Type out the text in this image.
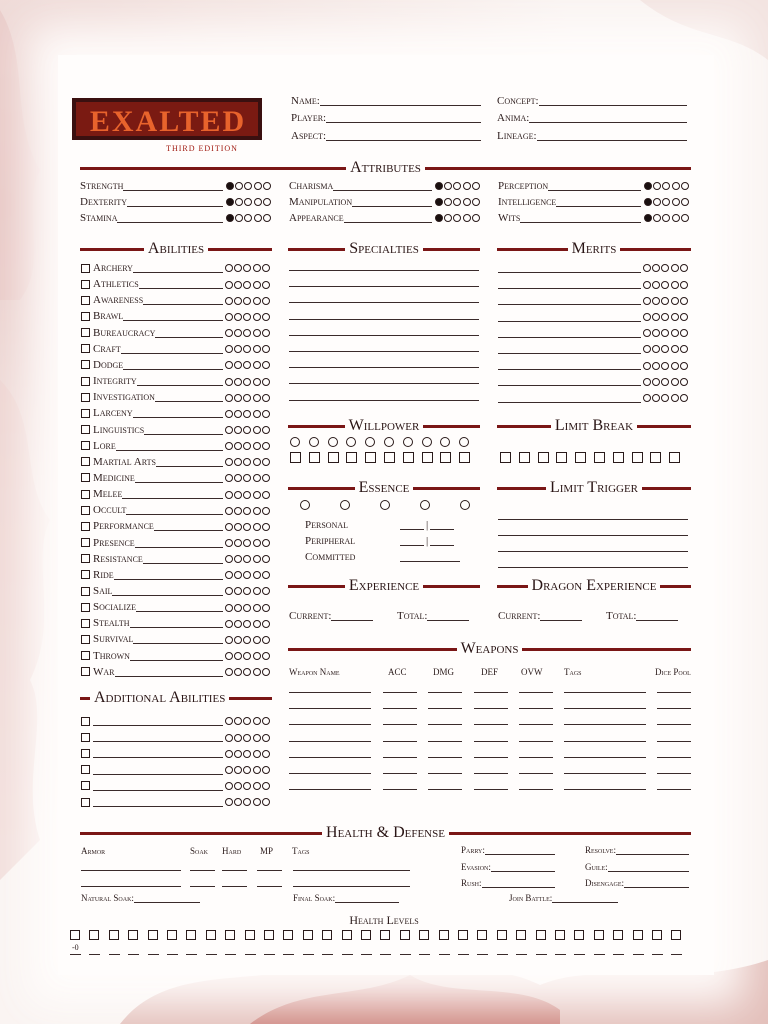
EXALTED
THIRD EDITION
Name:
Player:
Aspect:
Concept:
Anima:
Lineage:
Attributes
Strength
Dexterity
Stamina
Charisma
Manipulation
Appearance
Perception
Intelligence
Wits
Abilities	Specialties	Merits
Archery
Athletics
Awareness
Brawl
Bureaucracy
Craft
Dodge
Integrity
Investigation
Larceny
Linguistics
Lore
Martial Arts
Medicine
Melee
Occult
Performance
Presence
Resistance
Ride
Sail
Socialize
Stealth
Survival
Thrown
War
Willpower	Limit Break
Essence	Limit Trigger
Personal	|
Peripheral	|
Committed
Experience	Dragon Experience
Current:	Total:	Current:	Total:
Weapons
Weapon Name	ACC	DMG	DEF	OVW Tags	Dice Pool
Additional Abilities
Health & Defense
Armor	Soak Hard MP Tags
Natural Soak:	Final Soak:
Parry:
Evasion:
Rush:
Resolve:
Guile:
Disengage:
Join Battle:
Health Levels
-0
